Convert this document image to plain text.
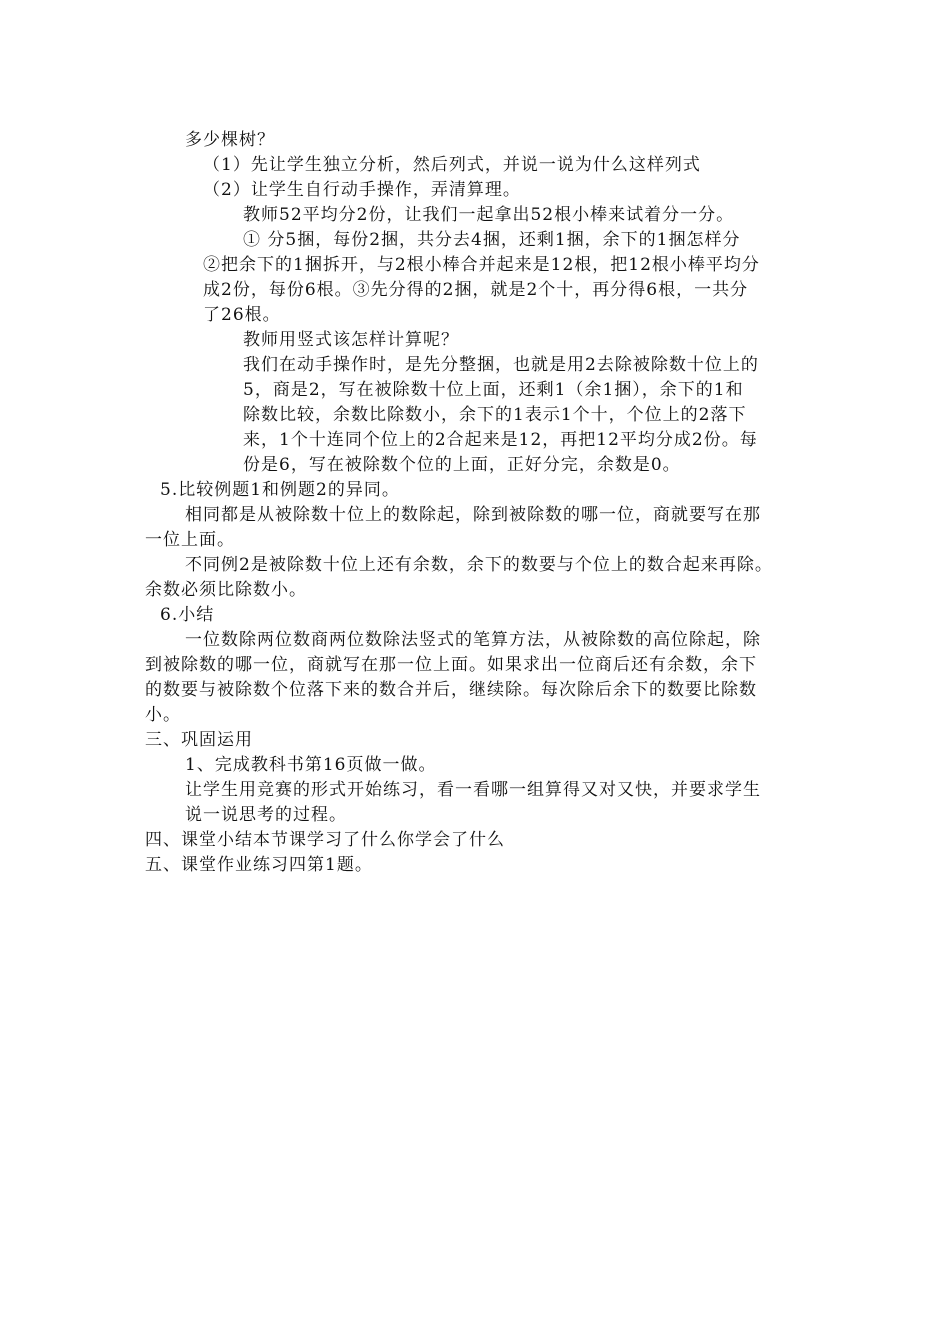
多少棵树？
（1）先让学生独立分析，然后列式，并说一说为什么这样列式
（2）让学生自行动手操作，弄清算理。
教师52平均分2份，让我们一起拿出52根小棒来试着分一分。
① 分5捆，每份2捆，共分去4捆，还剩1捆，余下的1捆怎样分
②把余下的1捆拆开，与2根小棒合并起来是12根，把12根小棒平均分
成2份，每份6根。③先分得的2捆，就是2个十，再分得6根，一共分
了26根。
教师用竖式该怎样计算呢？
我们在动手操作时，是先分整捆，也就是用2去除被除数十位上的
5，商是2，写在被除数十位上面，还剩1（余1捆），余下的1和
除数比较，余数比除数小，余下的1表示1个十，个位上的2落下
来，1个十连同个位上的2合起来是12，再把12平均分成2份。每
份是6，写在被除数个位的上面，正好分完，余数是0。
5.比较例题1和例题2的异同。
相同都是从被除数十位上的数除起，除到被除数的哪一位，商就要写在那
一位上面。
不同例2是被除数十位上还有余数，余下的数要与个位上的数合起来再除。
余数必须比除数小。
6.小结
一位数除两位数商两位数除法竖式的笔算方法，从被除数的高位除起，除
到被除数的哪一位，商就写在那一位上面。如果求出一位商后还有余数，余下
的数要与被除数个位落下来的数合并后，继续除。每次除后余下的数要比除数
小。
三、巩固运用
1、完成教科书第16页做一做。
让学生用竞赛的形式开始练习，看一看哪一组算得又对又快，并要求学生
说一说思考的过程。
四、课堂小结本节课学习了什么你学会了什么
五、课堂作业练习四第1题。
